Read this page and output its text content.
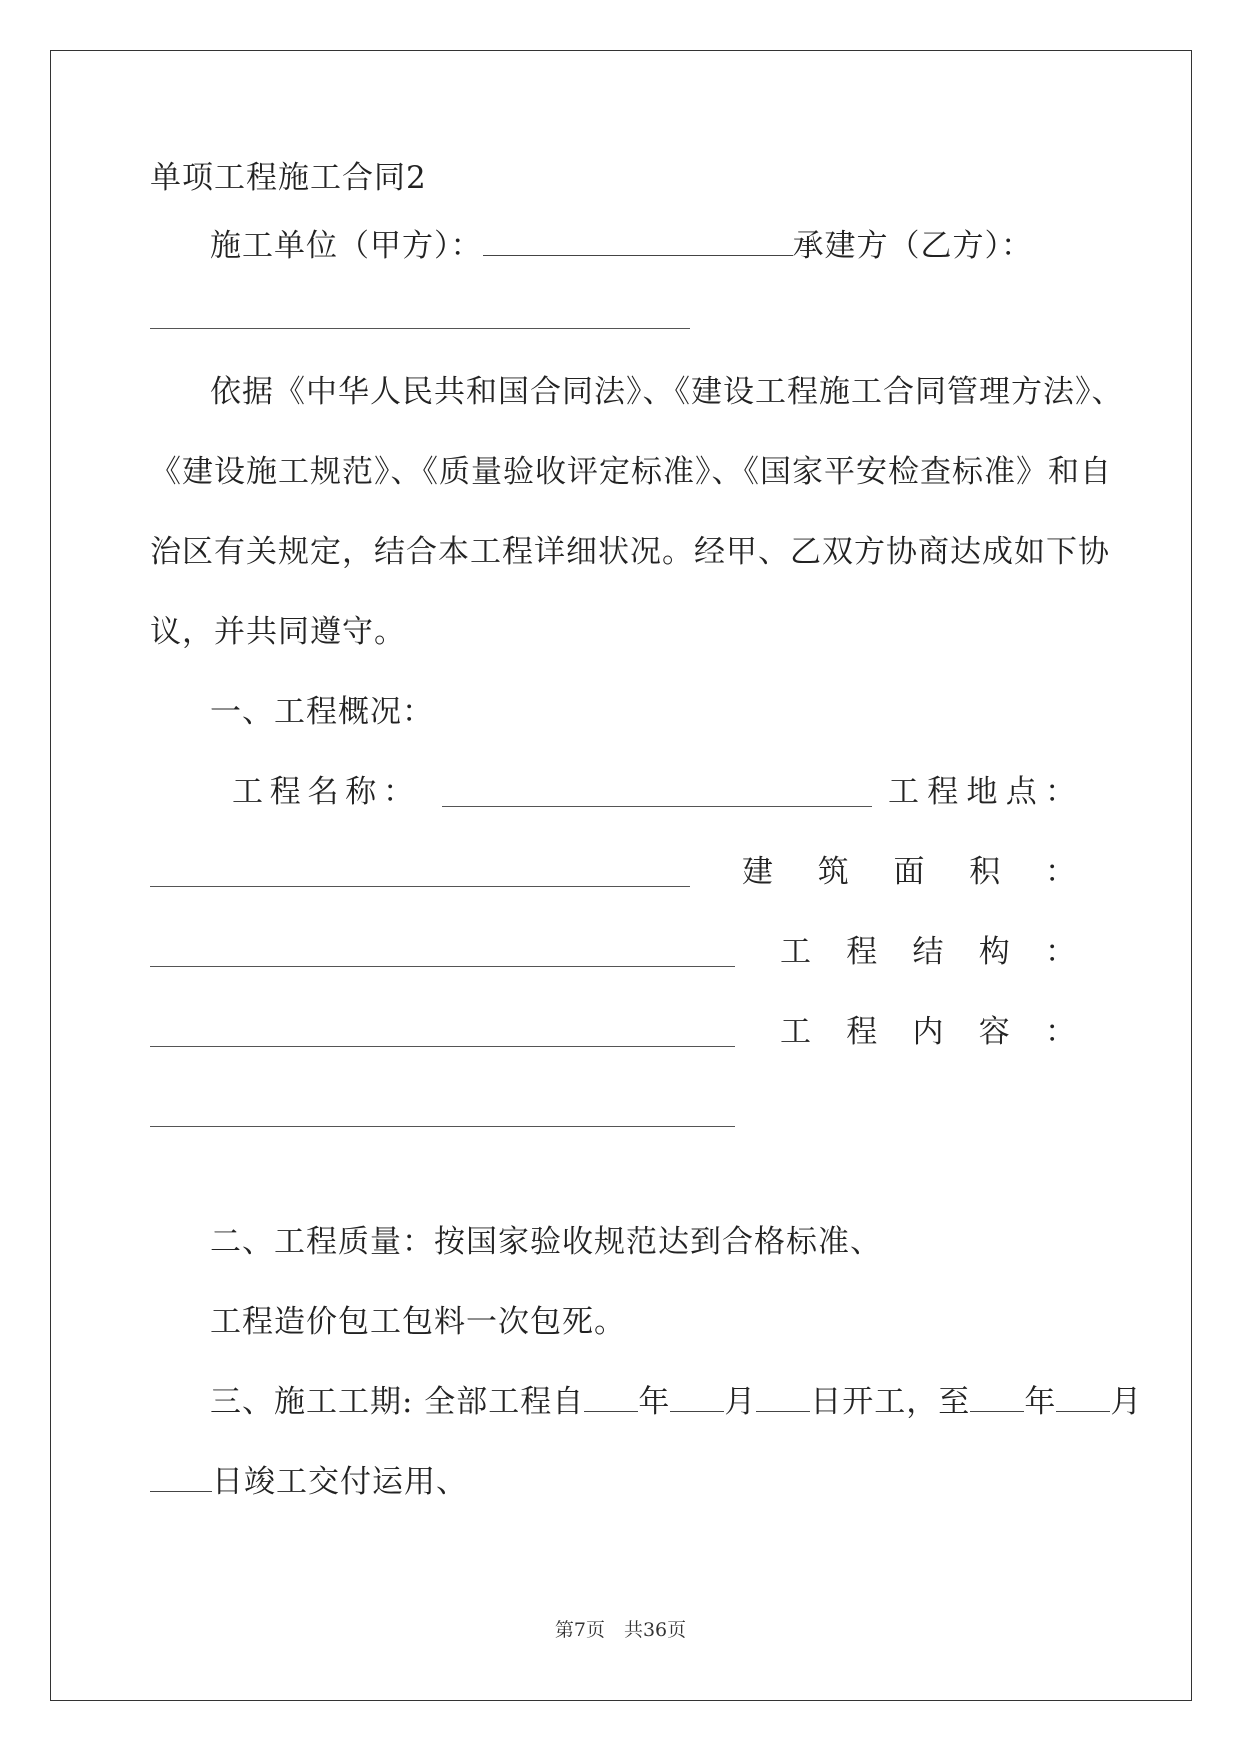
单项工程施工合同2
施工单位（甲方）：	承建方（乙方）：
依据《中华人民共和国合同法》、《建设工程施工合同管理方法》、
《建设施工规范》、《质量验收评定标准》、《国家平安检查标准》和自
治区有关规定，结合本工程详细状况。经甲、乙双方协商达成如下协
议，并共同遵守。
一、工程概况：
工 程 名 称 ：	工 程 地 点 ：
建 筑 面 积 ：
工 程 结 构 ：
工 程 内 容 ：
二、工程质量：按国家验收规范达到合格标准、
工程造价包工包料一次包死。
三、施工工期: 全部工程自 年 月 日开工，至 年 月
日竣工交付运用、
第7页　共36页
